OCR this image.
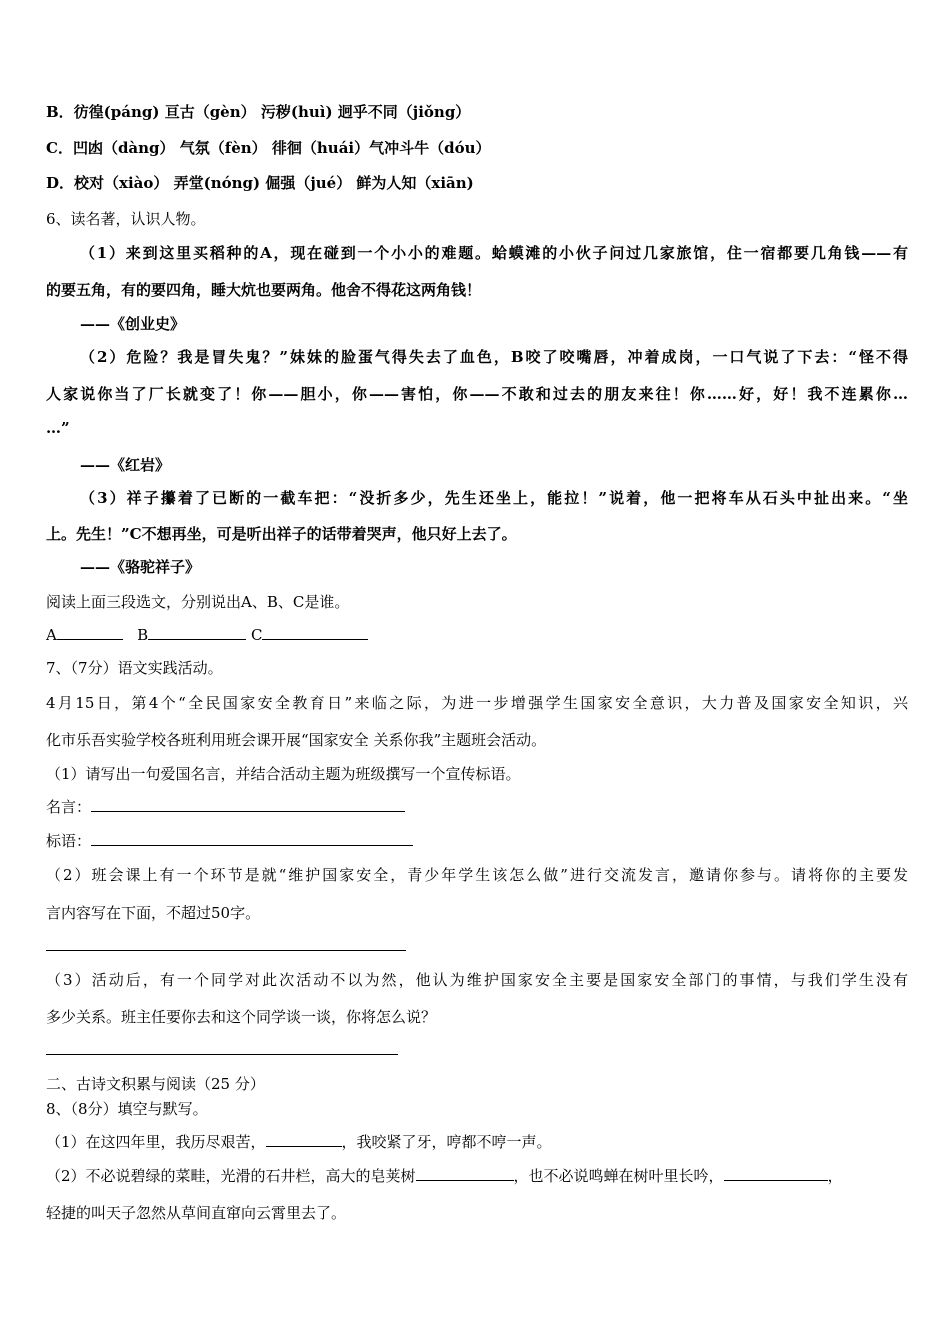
B．彷徨(páng) 亘古（gèn） 污秽(huì) 迥乎不同（jiǒng）
C．凹凼（dàng） 气氛（fèn） 徘徊（huái）气冲斗牛（dóu）
D．校对（xiào） 弄堂(nóng) 倔强（jué） 鲜为人知（xiān)
6、读名著，认识人物。
（1）来到这里买稻种的A，现在碰到一个小小的难题。蛤蟆滩的小伙子问过几家旅馆，住一宿都要几角钱——有
的要五角，有的要四角，睡大炕也要两角。他舍不得花这两角钱！
——《创业史》
（2）危险？我是冒失鬼？”妹妹的脸蛋气得失去了血色，B咬了咬嘴唇，冲着成岗，一口气说了下去：“怪不得
人家说你当了厂长就变了！你——胆小，你——害怕，你——不敢和过去的朋友来往！你……好，好！我不连累你…
…”
——《红岩》
（3）祥子攥着了已断的一截车把：“没折多少，先生还坐上，能拉！”说着，他一把将车从石头中扯出来。“坐
上。先生！”C不想再坐，可是听出祥子的话带着哭声，他只好上去了。
——《骆驼祥子》
阅读上面三段选文，分别说出A、B、C是谁。
A	B	C
7、（7分）语文实践活动。
4月15日，第4个“全民国家安全教育日”来临之际，为进一步增强学生国家安全意识，大力普及国家安全知识，兴
化市乐吾实验学校各班利用班会课开展“国家安全 关系你我”主题班会活动。
（1）请写出一句爱国名言，并结合活动主题为班级撰写一个宣传标语。
名言：
标语：
（2）班会课上有一个环节是就“维护国家安全，青少年学生该怎么做”进行交流发言，邀请你参与。请将你的主要发
言内容写在下面，不超过50字。
（3）活动后，有一个同学对此次活动不以为然，他认为维护国家安全主要是国家安全部门的事情，与我们学生没有
多少关系。班主任要你去和这个同学谈一谈，你将怎么说？
二、古诗文积累与阅读（25 分）
8、（8分）填空与默写。
（1）在这四年里，我历尽艰苦，	，我咬紧了牙，哼都不哼一声。
（2）不必说碧绿的菜畦，光滑的石井栏，高大的皂荚树	，也不必说鸣蝉在树叶里长吟，	，
轻捷的叫天子忽然从草间直窜向云霄里去了。
